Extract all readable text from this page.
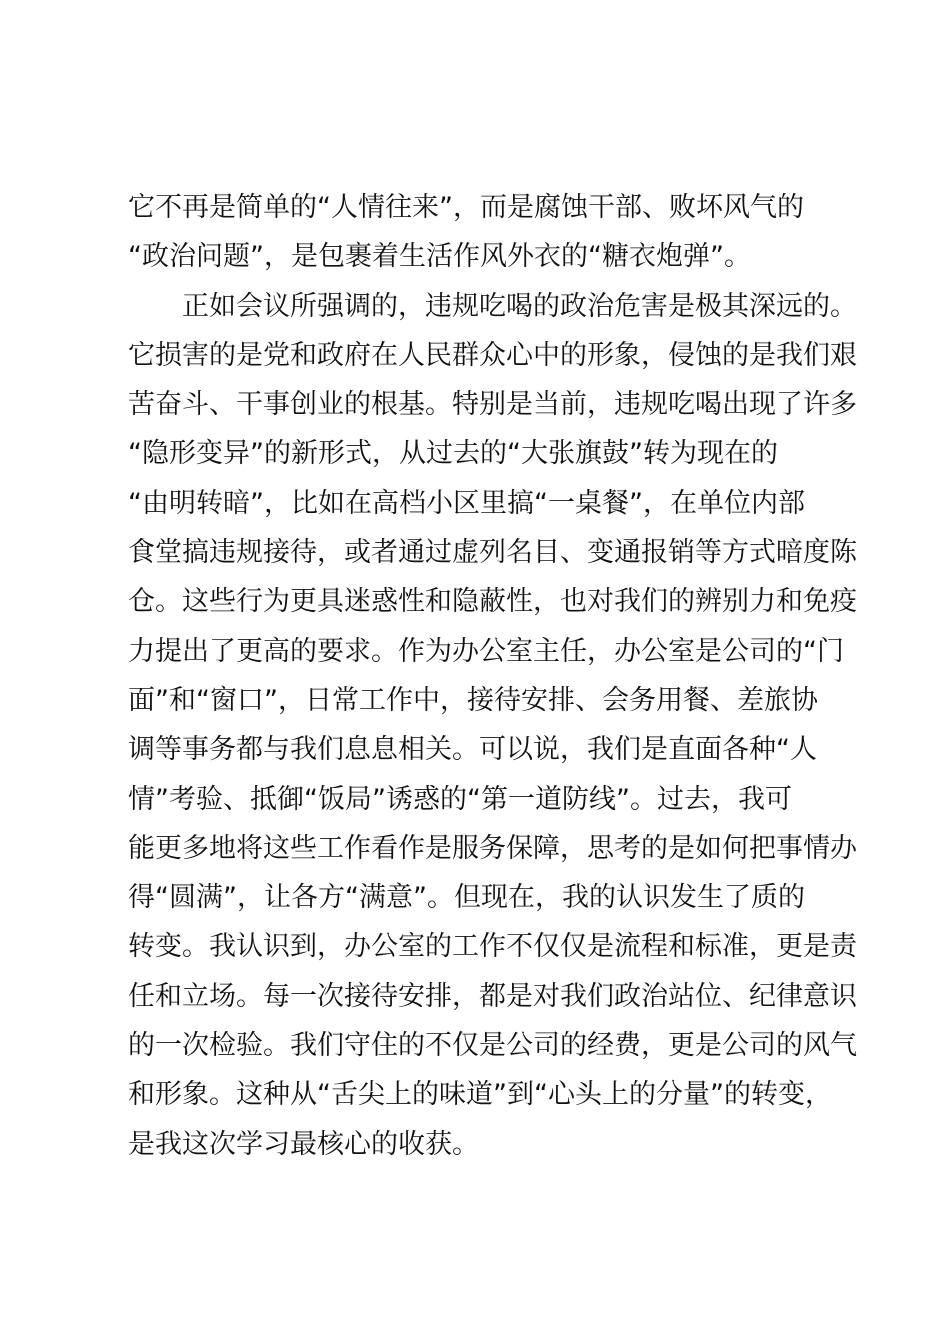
它不再是简单的“人情往来”，而是腐蚀干部、败坏风气的
“政治问题”，是包裹着生活作风外衣的“糖衣炮弹”。
正如会议所强调的，违规吃喝的政治危害是极其深远的。
它损害的是党和政府在人民群众心中的形象，侵蚀的是我们艰
苦奋斗、干事创业的根基。特别是当前，违规吃喝出现了许多
“隐形变异”的新形式，从过去的“大张旗鼓”转为现在的
“由明转暗”，比如在高档小区里搞“一桌餐”，在单位内部
食堂搞违规接待，或者通过虚列名目、变通报销等方式暗度陈
仓。这些行为更具迷惑性和隐蔽性，也对我们的辨别力和免疫
力提出了更高的要求。作为办公室主任，办公室是公司的“门
面”和“窗口”，日常工作中，接待安排、会务用餐、差旅协
调等事务都与我们息息相关。可以说，我们是直面各种“人
情”考验、抵御“饭局”诱惑的“第一道防线”。过去，我可
能更多地将这些工作看作是服务保障，思考的是如何把事情办
得“圆满”，让各方“满意”。但现在，我的认识发生了质的
转变。我认识到，办公室的工作不仅仅是流程和标准，更是责
任和立场。每一次接待安排，都是对我们政治站位、纪律意识
的一次检验。我们守住的不仅是公司的经费，更是公司的风气
和形象。这种从“舌尖上的味道”到“心头上的分量”的转变，
是我这次学习最核心的收获。
